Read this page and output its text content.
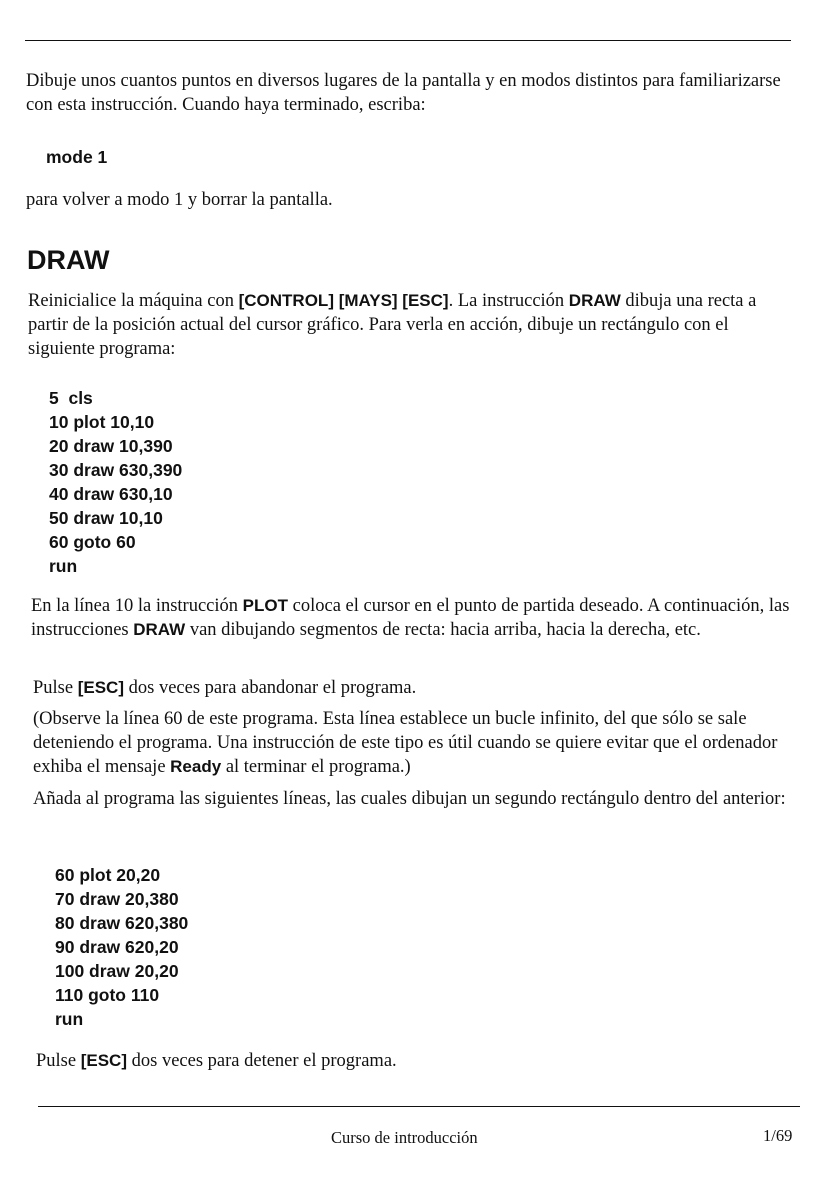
Dibuje unos cuantos puntos en diversos lugares de la pantalla y en modos distintos para familiarizarse con esta instrucción. Cuando haya terminado, escriba:

mode 1

para volver a modo 1 y borrar la pantalla.

DRAW

Reinicialice la máquina con [CONTROL] [MAYS] [ESC]. La instrucción DRAW dibuja una recta a partir de la posición actual del cursor gráfico. Para verla en acción, dibuje un rectángulo con el siguiente programa:

5  cls
10 plot 10,10
20 draw 10,390
30 draw 630,390
40 draw 630,10
50 draw 10,10
60 goto 60
run

En la línea 10 la instrucción PLOT coloca el cursor en el punto de partida deseado. A continuación, las instrucciones DRAW van dibujando segmentos de recta: hacia arriba, hacia la derecha, etc.

Pulse [ESC] dos veces para abandonar el programa.

(Observe la línea 60 de este programa. Esta línea establece un bucle infinito, del que sólo se sale deteniendo el programa. Una instrucción de este tipo es útil cuando se quiere evitar que el ordenador exhiba el mensaje Ready al terminar el programa.)

Añada al programa las siguientes líneas, las cuales dibujan un segundo rectángulo dentro del anterior:

60 plot 20,20
70 draw 20,380
80 draw 620,380
90 draw 620,20
100 draw 20,20
110 goto 110
run

Pulse [ESC] dos veces para detener el programa.

Curso de introducción	1/69
